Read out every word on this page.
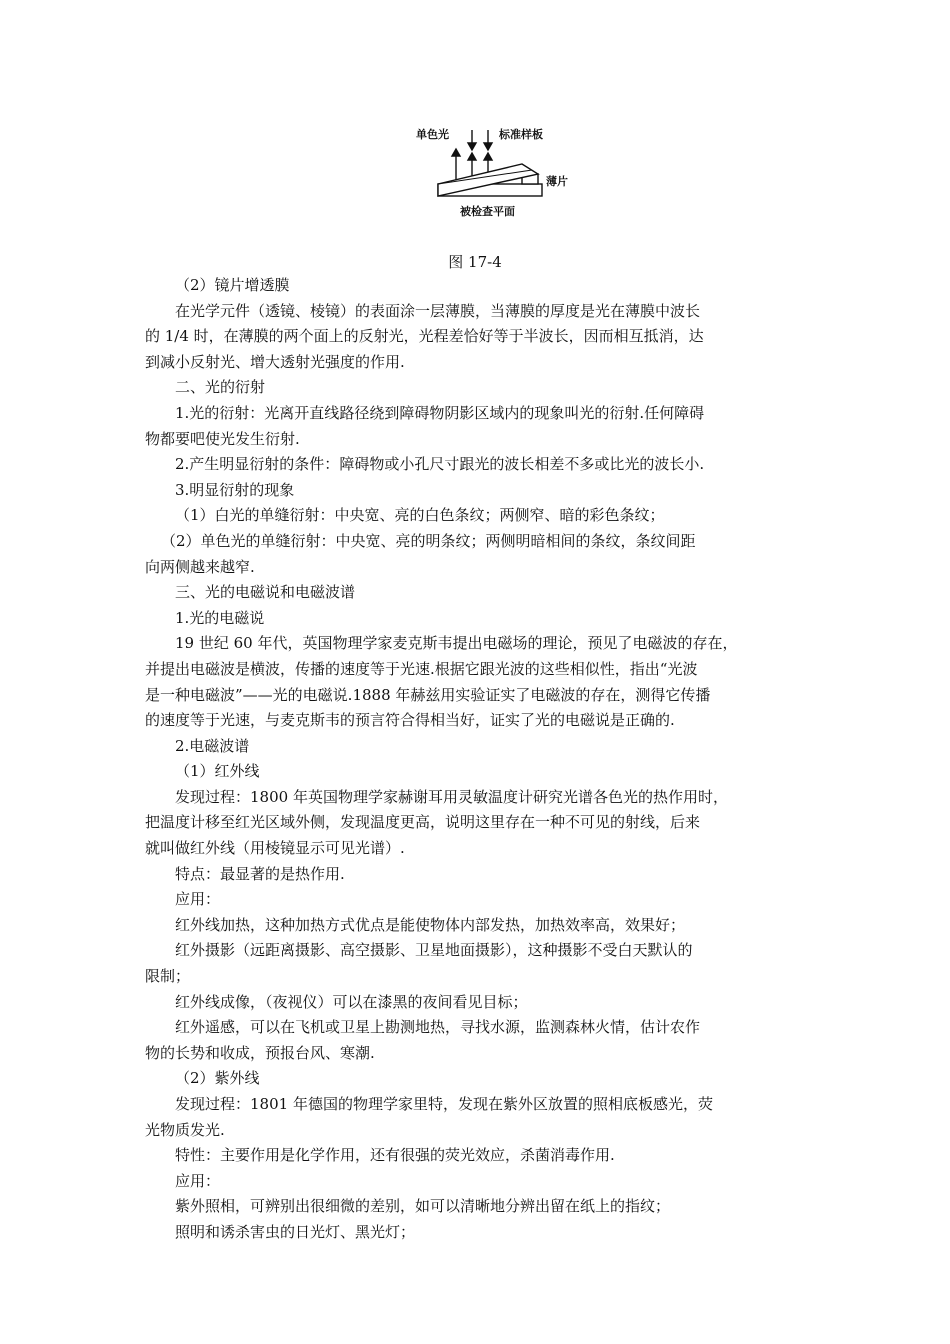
单色光	标准样板
薄片
被检查平面
图 17-4
（2）镜片增透膜
在光学元件（透镜、棱镜）的表面涂一层薄膜，当薄膜的厚度是光在薄膜中波长
的 1/4 时，在薄膜的两个面上的反射光，光程差恰好等于半波长，因而相互抵消，达
到减小反射光、增大透射光强度的作用.
二、光的衍射
1.光的衍射：光离开直线路径绕到障碍物阴影区域内的现象叫光的衍射.任何障碍
物都要吧使光发生衍射.
2.产生明显衍射的条件：障碍物或小孔尺寸跟光的波长相差不多或比光的波长小.
3.明显衍射的现象
（1）白光的单缝衍射：中央宽、亮的白色条纹；两侧窄、暗的彩色条纹；
（2）单色光的单缝衍射：中央宽、亮的明条纹；两侧明暗相间的条纹，条纹间距
向两侧越来越窄.
三、光的电磁说和电磁波谱
1.光的电磁说
19 世纪 60 年代，英国物理学家麦克斯韦提出电磁场的理论，预见了电磁波的存在，
并提出电磁波是横波，传播的速度等于光速.根据它跟光波的这些相似性，指出“光波
是一种电磁波”——光的电磁说.1888 年赫兹用实验证实了电磁波的存在，测得它传播
的速度等于光速，与麦克斯韦的预言符合得相当好，证实了光的电磁说是正确的.
2.电磁波谱
（1）红外线
发现过程：1800 年英国物理学家赫谢耳用灵敏温度计研究光谱各色光的热作用时，
把温度计移至红光区域外侧，发现温度更高，说明这里存在一种不可见的射线，后来
就叫做红外线（用棱镜显示可见光谱）.
特点：最显著的是热作用.
应用：
红外线加热，这种加热方式优点是能使物体内部发热，加热效率高，效果好；
红外摄影（远距离摄影、高空摄影、卫星地面摄影），这种摄影不受白天默认的
限制；
红外线成像，（夜视仪）可以在漆黑的夜间看见目标；
红外遥感，可以在飞机或卫星上勘测地热，寻找水源，监测森林火情，估计农作
物的长势和收成，预报台风、寒潮.
（2）紫外线
发现过程：1801 年德国的物理学家里特，发现在紫外区放置的照相底板感光，荧
光物质发光.
特性：主要作用是化学作用，还有很强的荧光效应，杀菌消毒作用.
应用：
紫外照相，可辨别出很细微的差别，如可以清晰地分辨出留在纸上的指纹；
照明和诱杀害虫的日光灯、黑光灯；
